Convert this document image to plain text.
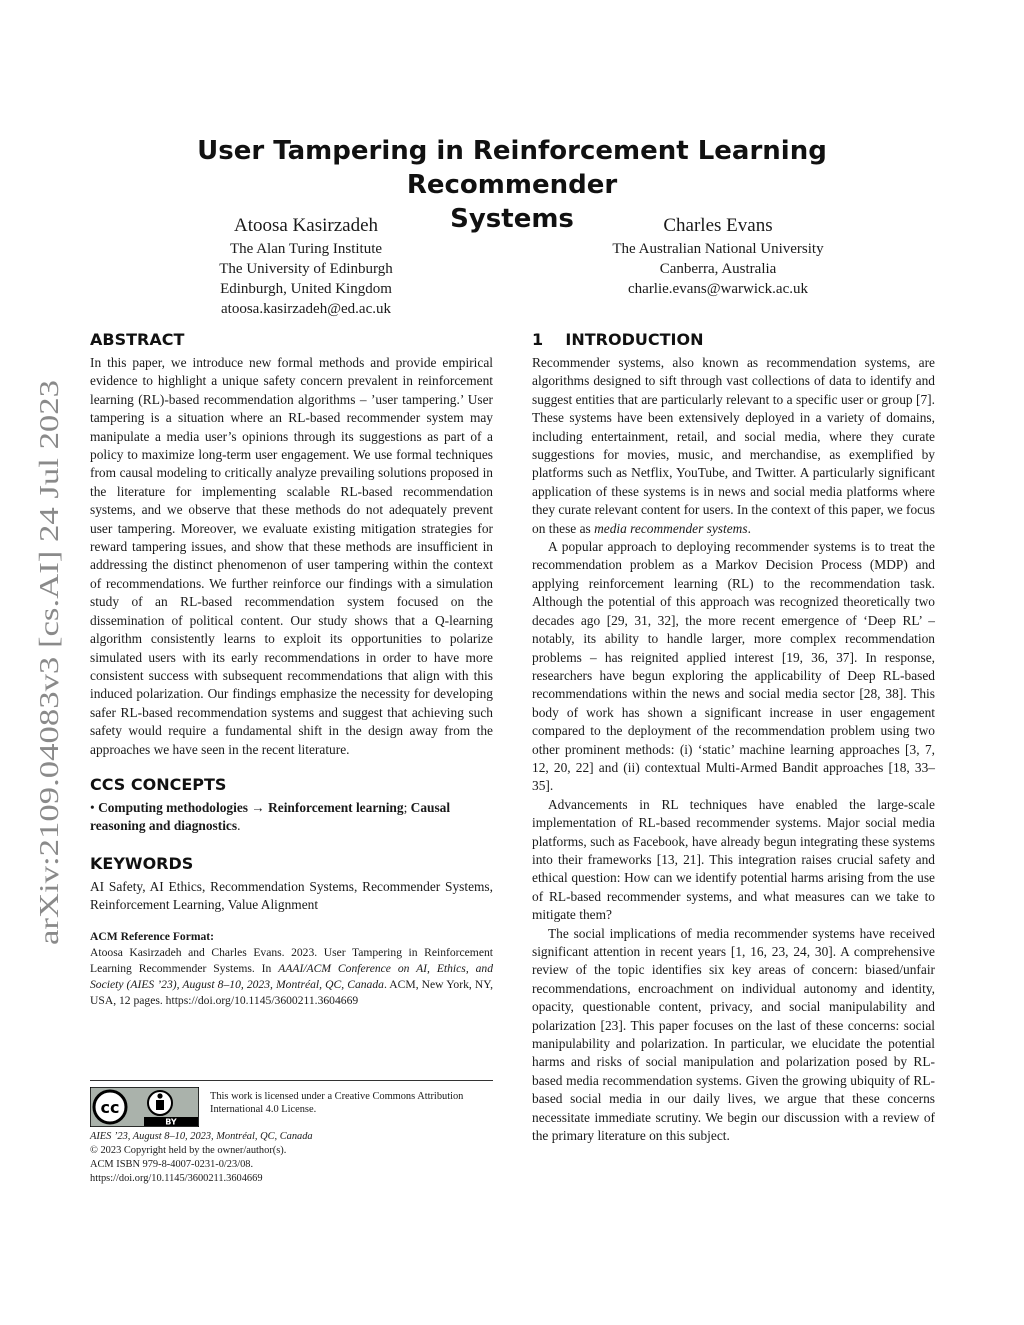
arXiv:2109.04083v3 [cs.AI] 24 Jul 2023
User Tampering in Reinforcement Learning Recommender
Systems
Atoosa Kasirzadeh
The Alan Turing Institute
The University of Edinburgh
Edinburgh, United Kingdom
atoosa.kasirzadeh@ed.ac.uk
Charles Evans
The Australian National University
Canberra, Australia
charlie.evans@warwick.ac.uk
ABSTRACT

In this paper, we introduce new formal methods and provide empirical evidence to highlight a unique safety concern prevalent in reinforcement learning (RL)-based recommendation algorithms – ’user tampering.’ User tampering is a situation where an RL-based recommender system may manipulate a media user’s opinions through its suggestions as part of a policy to maximize long-term user engagement. We use formal techniques from causal modeling to critically analyze prevailing solutions proposed in the literature for implementing scalable RL-based recommendation systems, and we observe that these methods do not adequately prevent user tampering. Moreover, we evaluate existing mitigation strategies for reward tampering issues, and show that these methods are insufficient in addressing the distinct phenomenon of user tampering within the context of recommendations. We further reinforce our findings with a simulation study of an RL-based recommendation system focused on the dissemination of political content. Our study shows that a Q-learning algorithm consistently learns to exploit its opportunities to polarize simulated users with its early recommendations in order to have more consistent success with subsequent recommendations that align with this induced polarization. Our findings emphasize the necessity for developing safer RL-based recommendation systems and suggest that achieving such safety would require a fundamental shift in the design away from the approaches we have seen in the recent literature.

CCS CONCEPTS

• Computing methodologies → Reinforcement learning; Causal reasoning and diagnostics.

KEYWORDS

AI Safety, AI Ethics, Recommendation Systems, Recommender Systems, Reinforcement Learning, Value Alignment

ACM Reference Format:

Atoosa Kasirzadeh and Charles Evans. 2023. User Tampering in Reinforcement Learning Recommender Systems. In AAAI/ACM Conference on AI, Ethics, and Society (AIES ’23), August 8–10, 2023, Montréal, QC, Canada. ACM, New York, NY, USA, 12 pages. https://doi.org/10.1145/3600211.3604669

cc
BY
This work is licensed under a Creative Commons Attribution International 4.0 License.
AIES ’23, August 8–10, 2023, Montréal, QC, Canada
© 2023 Copyright held by the owner/author(s).
ACM ISBN 979-8-4007-0231-0/23/08.
https://doi.org/10.1145/3600211.3604669
1    INTRODUCTION

Recommender systems, also known as recommendation systems, are algorithms designed to sift through vast collections of data to identify and suggest entities that are particularly relevant to a specific user or group [7]. These systems have been extensively deployed in a variety of domains, including entertainment, retail, and social media, where they curate suggestions for movies, music, and merchandise, as exemplified by platforms such as Netflix, YouTube, and Twitter. A particularly significant application of these systems is in news and social media platforms where they curate relevant content for users. In the context of this paper, we focus on these as media recommender systems.

A popular approach to deploying recommender systems is to treat the recommendation problem as a Markov Decision Process (MDP) and applying reinforcement learning (RL) to the recommendation task. Although the potential of this approach was recognized theoretically two decades ago [29, 31, 32], the more recent emergence of ‘Deep RL’ – notably, its ability to handle larger, more complex recommendation problems – has reignited applied interest [19, 36, 37]. In response, researchers have begun exploring the applicability of Deep RL-based recommendations within the news and social media sector [28, 38]. This body of work has shown a significant increase in user engagement compared to the deployment of the recommendation problem using two other prominent methods: (i) ‘static’ machine learning approaches [3, 7, 12, 20, 22] and (ii) contextual Multi-Armed Bandit approaches [18, 33–35].

Advancements in RL techniques have enabled the large-scale implementation of RL-based recommender systems. Major social media platforms, such as Facebook, have already begun integrating these systems into their frameworks [13, 21]. This integration raises crucial safety and ethical question: How can we identify potential harms arising from the use of RL-based recommender systems, and what measures can we take to mitigate them?

The social implications of media recommender systems have received significant attention in recent years [1, 16, 23, 24, 30]. A comprehensive review of the topic identifies six key areas of concern: biased/unfair recommendations, encroachment on individual autonomy and identity, opacity, questionable content, privacy, and social manipulability and polarization [23]. This paper focuses on the last of these concerns: social manipulability and polarization. In particular, we elucidate the potential harms and risks of social manipulation and polarization posed by RL-based media recommendation systems. Given the growing ubiquity of RL-based social media in our daily lives, we argue that these concerns necessitate immediate scrutiny. We begin our discussion with a review of the primary literature on this subject.
